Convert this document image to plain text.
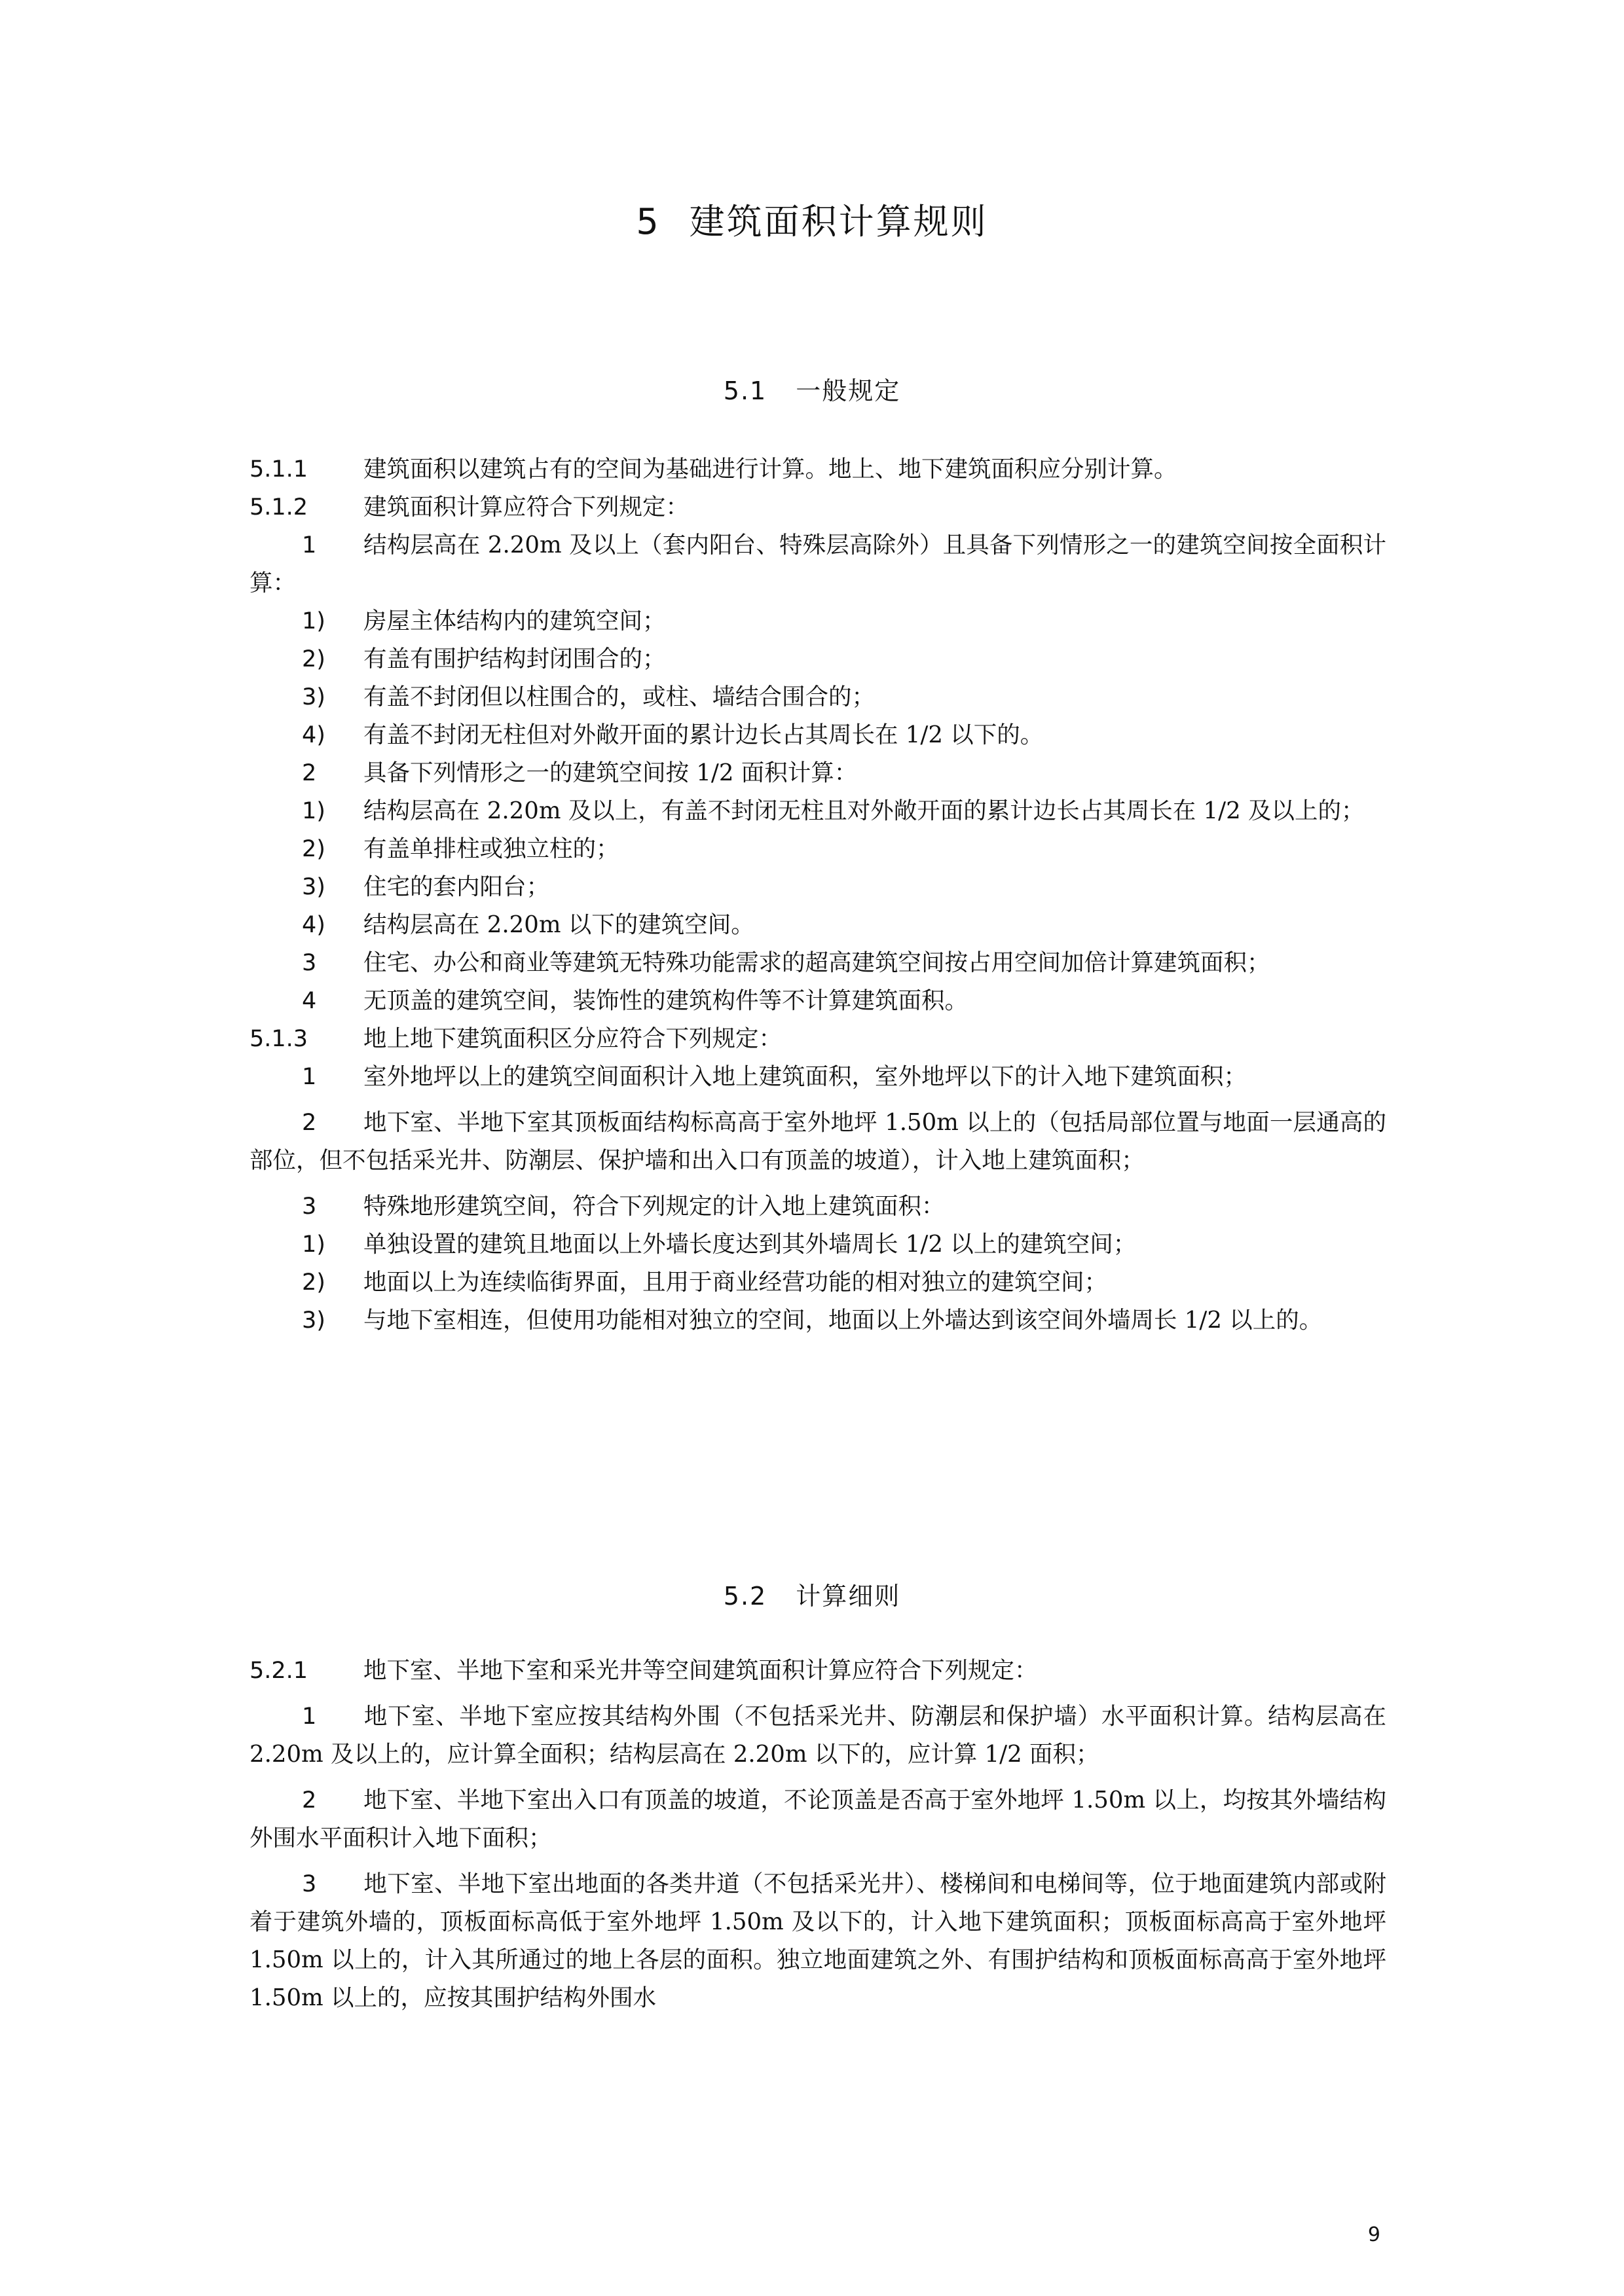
5 建筑面积计算规则
5.1 一般规定

5.1.1 建筑面积以建筑占有的空间为基础进行计算。地上、地下建筑面积应分别计算。

5.1.2 建筑面积计算应符合下列规定：

1 结构层高在 2.20m 及以上（套内阳台、特殊层高除外）且具备下列情形之一的建筑空间按全面积计算：

1) 房屋主体结构内的建筑空间；

2) 有盖有围护结构封闭围合的；

3) 有盖不封闭但以柱围合的，或柱、墙结合围合的；

4) 有盖不封闭无柱但对外敞开面的累计边长占其周长在 1/2 以下的。

2 具备下列情形之一的建筑空间按 1/2 面积计算：

1) 结构层高在 2.20m 及以上，有盖不封闭无柱且对外敞开面的累计边长占其周长在 1/2 及以上的；

2) 有盖单排柱或独立柱的；

3) 住宅的套内阳台；

4) 结构层高在 2.20m 以下的建筑空间。

3 住宅、办公和商业等建筑无特殊功能需求的超高建筑空间按占用空间加倍计算建筑面积；

4 无顶盖的建筑空间，装饰性的建筑构件等不计算建筑面积。

5.1.3 地上地下建筑面积区分应符合下列规定：

1 室外地坪以上的建筑空间面积计入地上建筑面积，室外地坪以下的计入地下建筑面积；

2 地下室、半地下室其顶板面结构标高高于室外地坪 1.50m 以上的（包括局部位置与地面一层通高的部位，但不包括采光井、防潮层、保护墙和出入口有顶盖的坡道），计入地上建筑面积；

3 特殊地形建筑空间，符合下列规定的计入地上建筑面积：

1) 单独设置的建筑且地面以上外墙长度达到其外墙周长 1/2 以上的建筑空间；

2) 地面以上为连续临街界面，且用于商业经营功能的相对独立的建筑空间；

3) 与地下室相连，但使用功能相对独立的空间，地面以上外墙达到该空间外墙周长 1/2 以上的。

5.2 计算细则

5.2.1 地下室、半地下室和采光井等空间建筑面积计算应符合下列规定：

1 地下室、半地下室应按其结构外围（不包括采光井、防潮层和保护墙）水平面积计算。结构层高在 2.20m 及以上的，应计算全面积；结构层高在 2.20m 以下的，应计算 1/2 面积；

2 地下室、半地下室出入口有顶盖的坡道，不论顶盖是否高于室外地坪 1.50m 以上，均按其外墙结构外围水平面积计入地下面积；

3 地下室、半地下室出地面的各类井道（不包括采光井）、楼梯间和电梯间等，位于地面建筑内部或附着于建筑外墙的，顶板面标高低于室外地坪 1.50m 及以下的，计入地下建筑面积；顶板面标高高于室外地坪 1.50m 以上的，计入其所通过的地上各层的面积。独立地面建筑之外、有围护结构和顶板面标高高于室外地坪 1.50m 以上的，应按其围护结构外围水

9
